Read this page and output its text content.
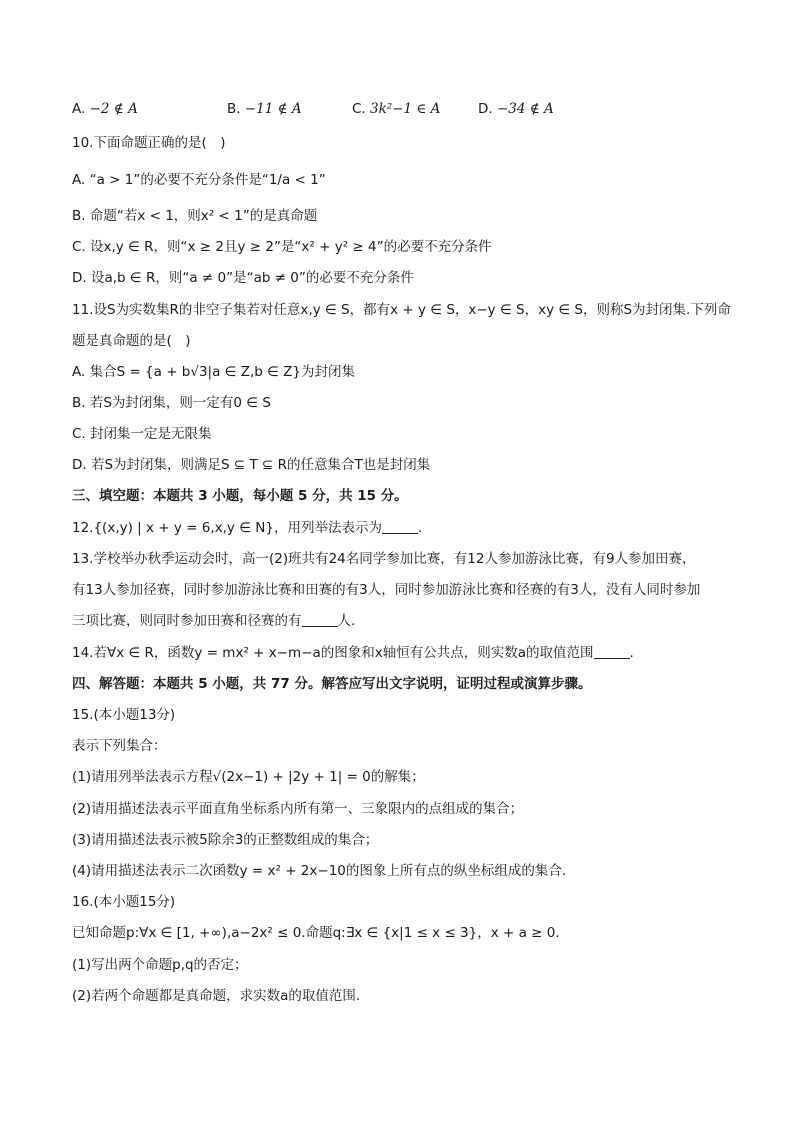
A. −2 ∉ A	B. −11 ∉ A	C. 3k²−1 ∈ A	D. −34 ∉ A
10.下面命题正确的是(　)
A. “a > 1”的必要不充分条件是“1/a < 1”
B. 命题“若x < 1，则x² < 1”的是真命题
C. 设x,y ∈ R，则“x ≥ 2且y ≥ 2”是“x² + y² ≥ 4”的必要不充分条件
D. 设a,b ∈ R，则“a ≠ 0”是“ab ≠ 0”的必要不充分条件
11.设S为实数集R的非空子集若对任意x,y ∈ S，都有x + y ∈ S，x−y ∈ S，xy ∈ S，则称S为封闭集.下列命
题是真命题的是(　)
A. 集合S = {a + b√3|a ∈ Z,b ∈ Z}为封闭集
B. 若S为封闭集，则一定有0 ∈ S
C. 封闭集一定是无限集
D. 若S为封闭集，则满足S ⊆ T ⊆ R的任意集合T也是封闭集
三、填空题：本题共 3 小题，每小题 5 分，共 15 分。
12.{(x,y) | x + y = 6,x,y ∈ N}，用列举法表示为	.
13.学校举办秋季运动会时，高一(2)班共有24名同学参加比赛，有12人参加游泳比赛，有9人参加田赛，
有13人参加径赛，同时参加游泳比赛和田赛的有3人，同时参加游泳比赛和径赛的有3人，没有人同时参加
三项比赛，则同时参加田赛和径赛的有	人.
14.若∀x ∈ R，函数y = mx² + x−m−a的图象和x轴恒有公共点，则实数a的取值范围	.
四、解答题：本题共 5 小题，共 77 分。解答应写出文字说明，证明过程或演算步骤。
15.(本小题13分)
表示下列集合：
(1)请用列举法表示方程√(2x−1) + |2y + 1| = 0的解集；
(2)请用描述法表示平面直角坐标系内所有第一、三象限内的点组成的集合；
(3)请用描述法表示被5除余3的正整数组成的集合；
(4)请用描述法表示二次函数y = x² + 2x−10的图象上所有点的纵坐标组成的集合.
16.(本小题15分)
已知命题p:∀x ∈ [1, +∞),a−2x² ≤ 0.命题q:∃x ∈ {x|1 ≤ x ≤ 3}，x + a ≥ 0.
(1)写出两个命题p,q的否定；
(2)若两个命题都是真命题，求实数a的取值范围.
